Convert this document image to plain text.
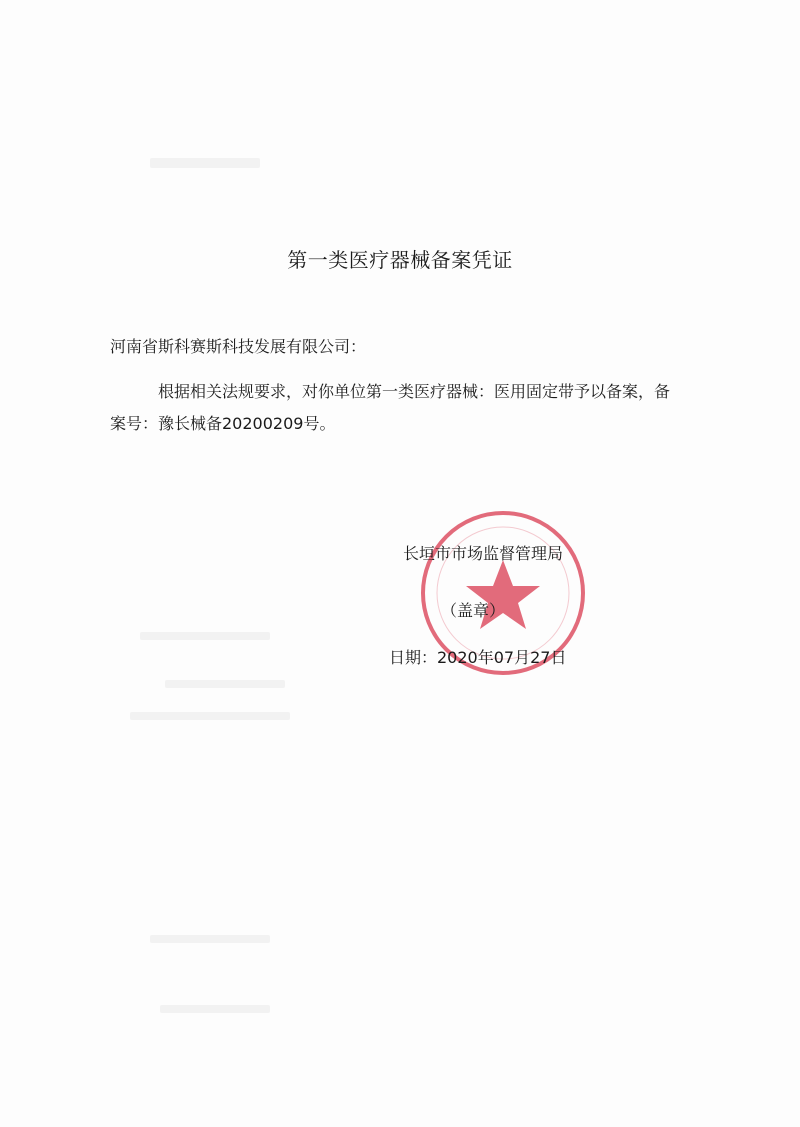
第一类医疗器械备案凭证
河南省斯科赛斯科技发展有限公司：
根据相关法规要求，对你单位第一类医疗器械：医用固定带予以备案，备案号：豫长械备20200209号。
长垣市市场监督管理局
（盖章）
日期：2020年07月27日
